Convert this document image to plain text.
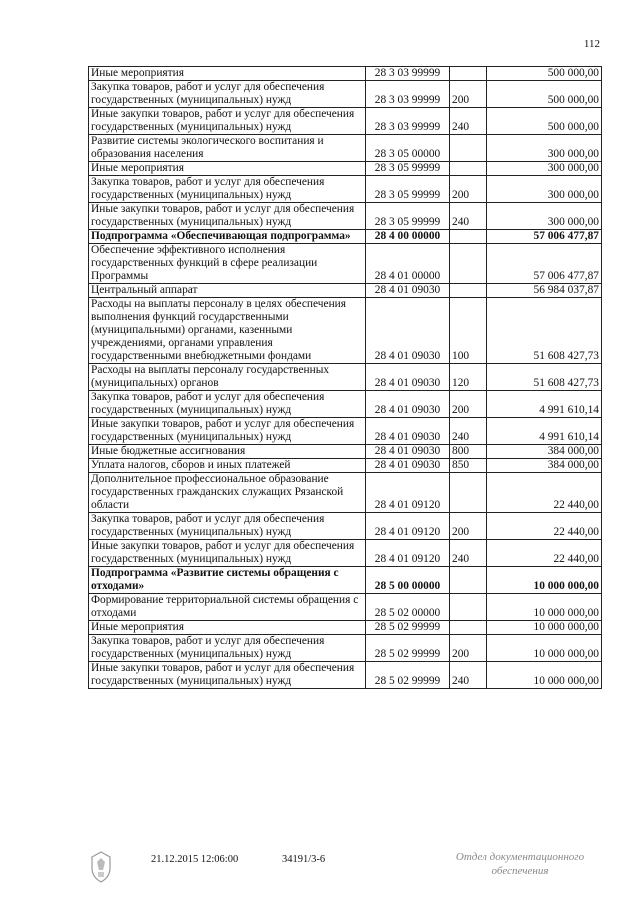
112
Иные мероприятия	28 3 03 99999		500 000,00
Закупка товаров, работ и услуг для обеспечения государственных (муниципальных) нужд	28 3 03 99999	200	500 000,00
Иные закупки товаров, работ и услуг для обеспечения государственных (муниципальных) нужд	28 3 03 99999	240	500 000,00
Развитие системы экологического воспитания и образования населения	28 3 05 00000		300 000,00
Иные мероприятия	28 3 05 99999		300 000,00
Закупка товаров, работ и услуг для обеспечения государственных (муниципальных) нужд	28 3 05 99999	200	300 000,00
Иные закупки товаров, работ и услуг для обеспечения государственных (муниципальных) нужд	28 3 05 99999	240	300 000,00
Подпрограмма «Обеспечивающая подпрограмма»	28 4 00 00000		57 006 477,87
Обеспечение эффективного исполнения государственных функций в сфере реализации Программы	28 4 01 00000		57 006 477,87
Центральный аппарат	28 4 01 09030		56 984 037,87
Расходы на выплаты персоналу в целях обеспечения выполнения функций государственными (муниципальными) органами, казенными учреждениями, органами управления государственными внебюджетными фондами	28 4 01 09030	100	51 608 427,73
Расходы на выплаты персоналу государственных (муниципальных) органов	28 4 01 09030	120	51 608 427,73
Закупка товаров, работ и услуг для обеспечения государственных (муниципальных) нужд	28 4 01 09030	200	4 991 610,14
Иные закупки товаров, работ и услуг для обеспечения государственных (муниципальных) нужд	28 4 01 09030	240	4 991 610,14
Иные бюджетные ассигнования	28 4 01 09030	800	384 000,00
Уплата налогов, сборов и иных платежей	28 4 01 09030	850	384 000,00
Дополнительное профессиональное образование государственных гражданских служащих Рязанской области	28 4 01 09120		22 440,00
Закупка товаров, работ и услуг для обеспечения государственных (муниципальных) нужд	28 4 01 09120	200	22 440,00
Иные закупки товаров, работ и услуг для обеспечения государственных (муниципальных) нужд	28 4 01 09120	240	22 440,00
Подпрограмма «Развитие системы обращения с отходами»	28 5 00 00000		10 000 000,00
Формирование территориальной системы обращения с отходами	28 5 02 00000		10 000 000,00
Иные мероприятия	28 5 02 99999		10 000 000,00
Закупка товаров, работ и услуг для обеспечения государственных (муниципальных) нужд	28 5 02 99999	200	10 000 000,00
Иные закупки товаров, работ и услуг для обеспечения государственных (муниципальных) нужд	28 5 02 99999	240	10 000 000,00
21.12.2015 12:06:00	34191/3-6	Отдел документационного
обеспечения
